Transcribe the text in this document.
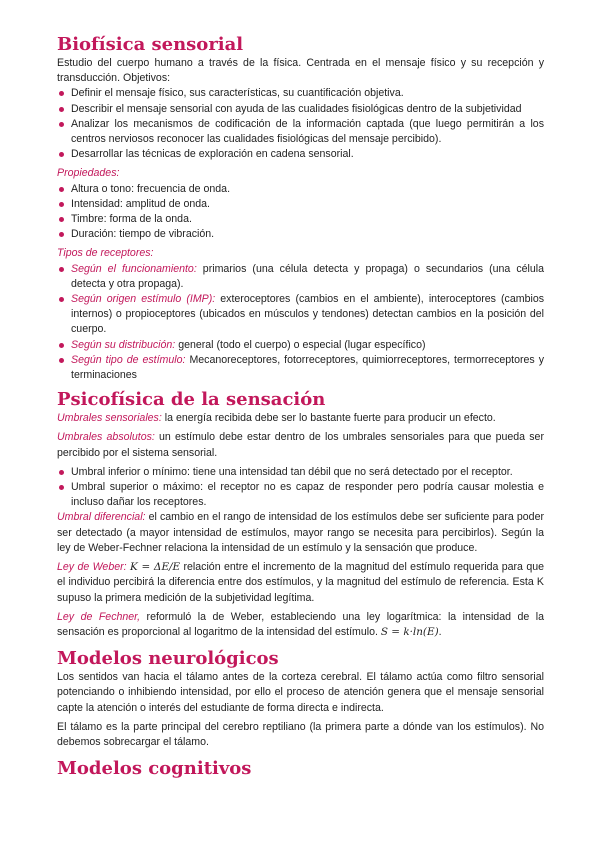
Biofísica sensorial

Estudio del cuerpo humano a través de la física. Centrada en el mensaje físico y su recepción y transducción. Objetivos:

Definir el mensaje físico, sus características, su cuantificación objetiva.
Describir el mensaje sensorial con ayuda de las cualidades fisiológicas dentro de la subjetividad
Analizar los mecanismos de codificación de la información captada (que luego permitirán a los centros nerviosos reconocer las cualidades fisiológicas del mensaje percibido).
Desarrollar las técnicas de exploración en cadena sensorial.
Propiedades:
Altura o tono: frecuencia de onda.
Intensidad: amplitud de onda.
Timbre: forma de la onda.
Duración: tiempo de vibración.
Tipos de receptores:
Según el funcionamiento: primarios (una célula detecta y propaga) o secundarios (una célula detecta y otra propaga).
Según origen estímulo (IMP): exteroceptores (cambios en el ambiente), interoceptores (cambios internos) o propioceptores (ubicados en músculos y tendones) detectan cambios en la posición del cuerpo.
Según su distribución: general (todo el cuerpo) o especial (lugar específico)
Según tipo de estímulo: Mecanoreceptores, fotorreceptores, quimiorreceptores, termorreceptores y terminaciones
Psicofísica de la sensación

Umbrales sensoriales: la energía recibida debe ser lo bastante fuerte para producir un efecto.

Umbrales absolutos: un estímulo debe estar dentro de los umbrales sensoriales para que pueda ser percibido por el sistema sensorial.

Umbral inferior o mínimo: tiene una intensidad tan débil que no será detectado por el receptor.
Umbral superior o máximo: el receptor no es capaz de responder pero podría causar molestia e incluso dañar los receptores.

Umbral diferencial: el cambio en el rango de intensidad de los estímulos debe ser suficiente para poder ser detectado (a mayor intensidad de estímulos, mayor rango se necesita para percibirlos). Según la ley de Weber-Fechner relaciona la intensidad de un estímulo y la sensación que produce.

Ley de Weber: K = ΔE/E relación entre el incremento de la magnitud del estímulo requerida para que el individuo percibirá la diferencia entre dos estímulos, y la magnitud del estímulo de referencia. Esta K supuso la primera medición de la subjetividad legítima.

Ley de Fechner, reformuló la de Weber, estableciendo una ley logarítmica: la intensidad de la sensación es proporcional al logaritmo de la intensidad del estímulo. S = k·ln(E).

Modelos neurológicos

Los sentidos van hacia el tálamo antes de la corteza cerebral. El tálamo actúa como filtro sensorial potenciando o inhibiendo intensidad, por ello el proceso de atención genera que el mensaje sensorial capte la atención o interés del estudiante de forma directa e indirecta.

El tálamo es la parte principal del cerebro reptiliano (la primera parte a dónde van los estímulos). No debemos sobrecargar el tálamo.

Modelos cognitivos
